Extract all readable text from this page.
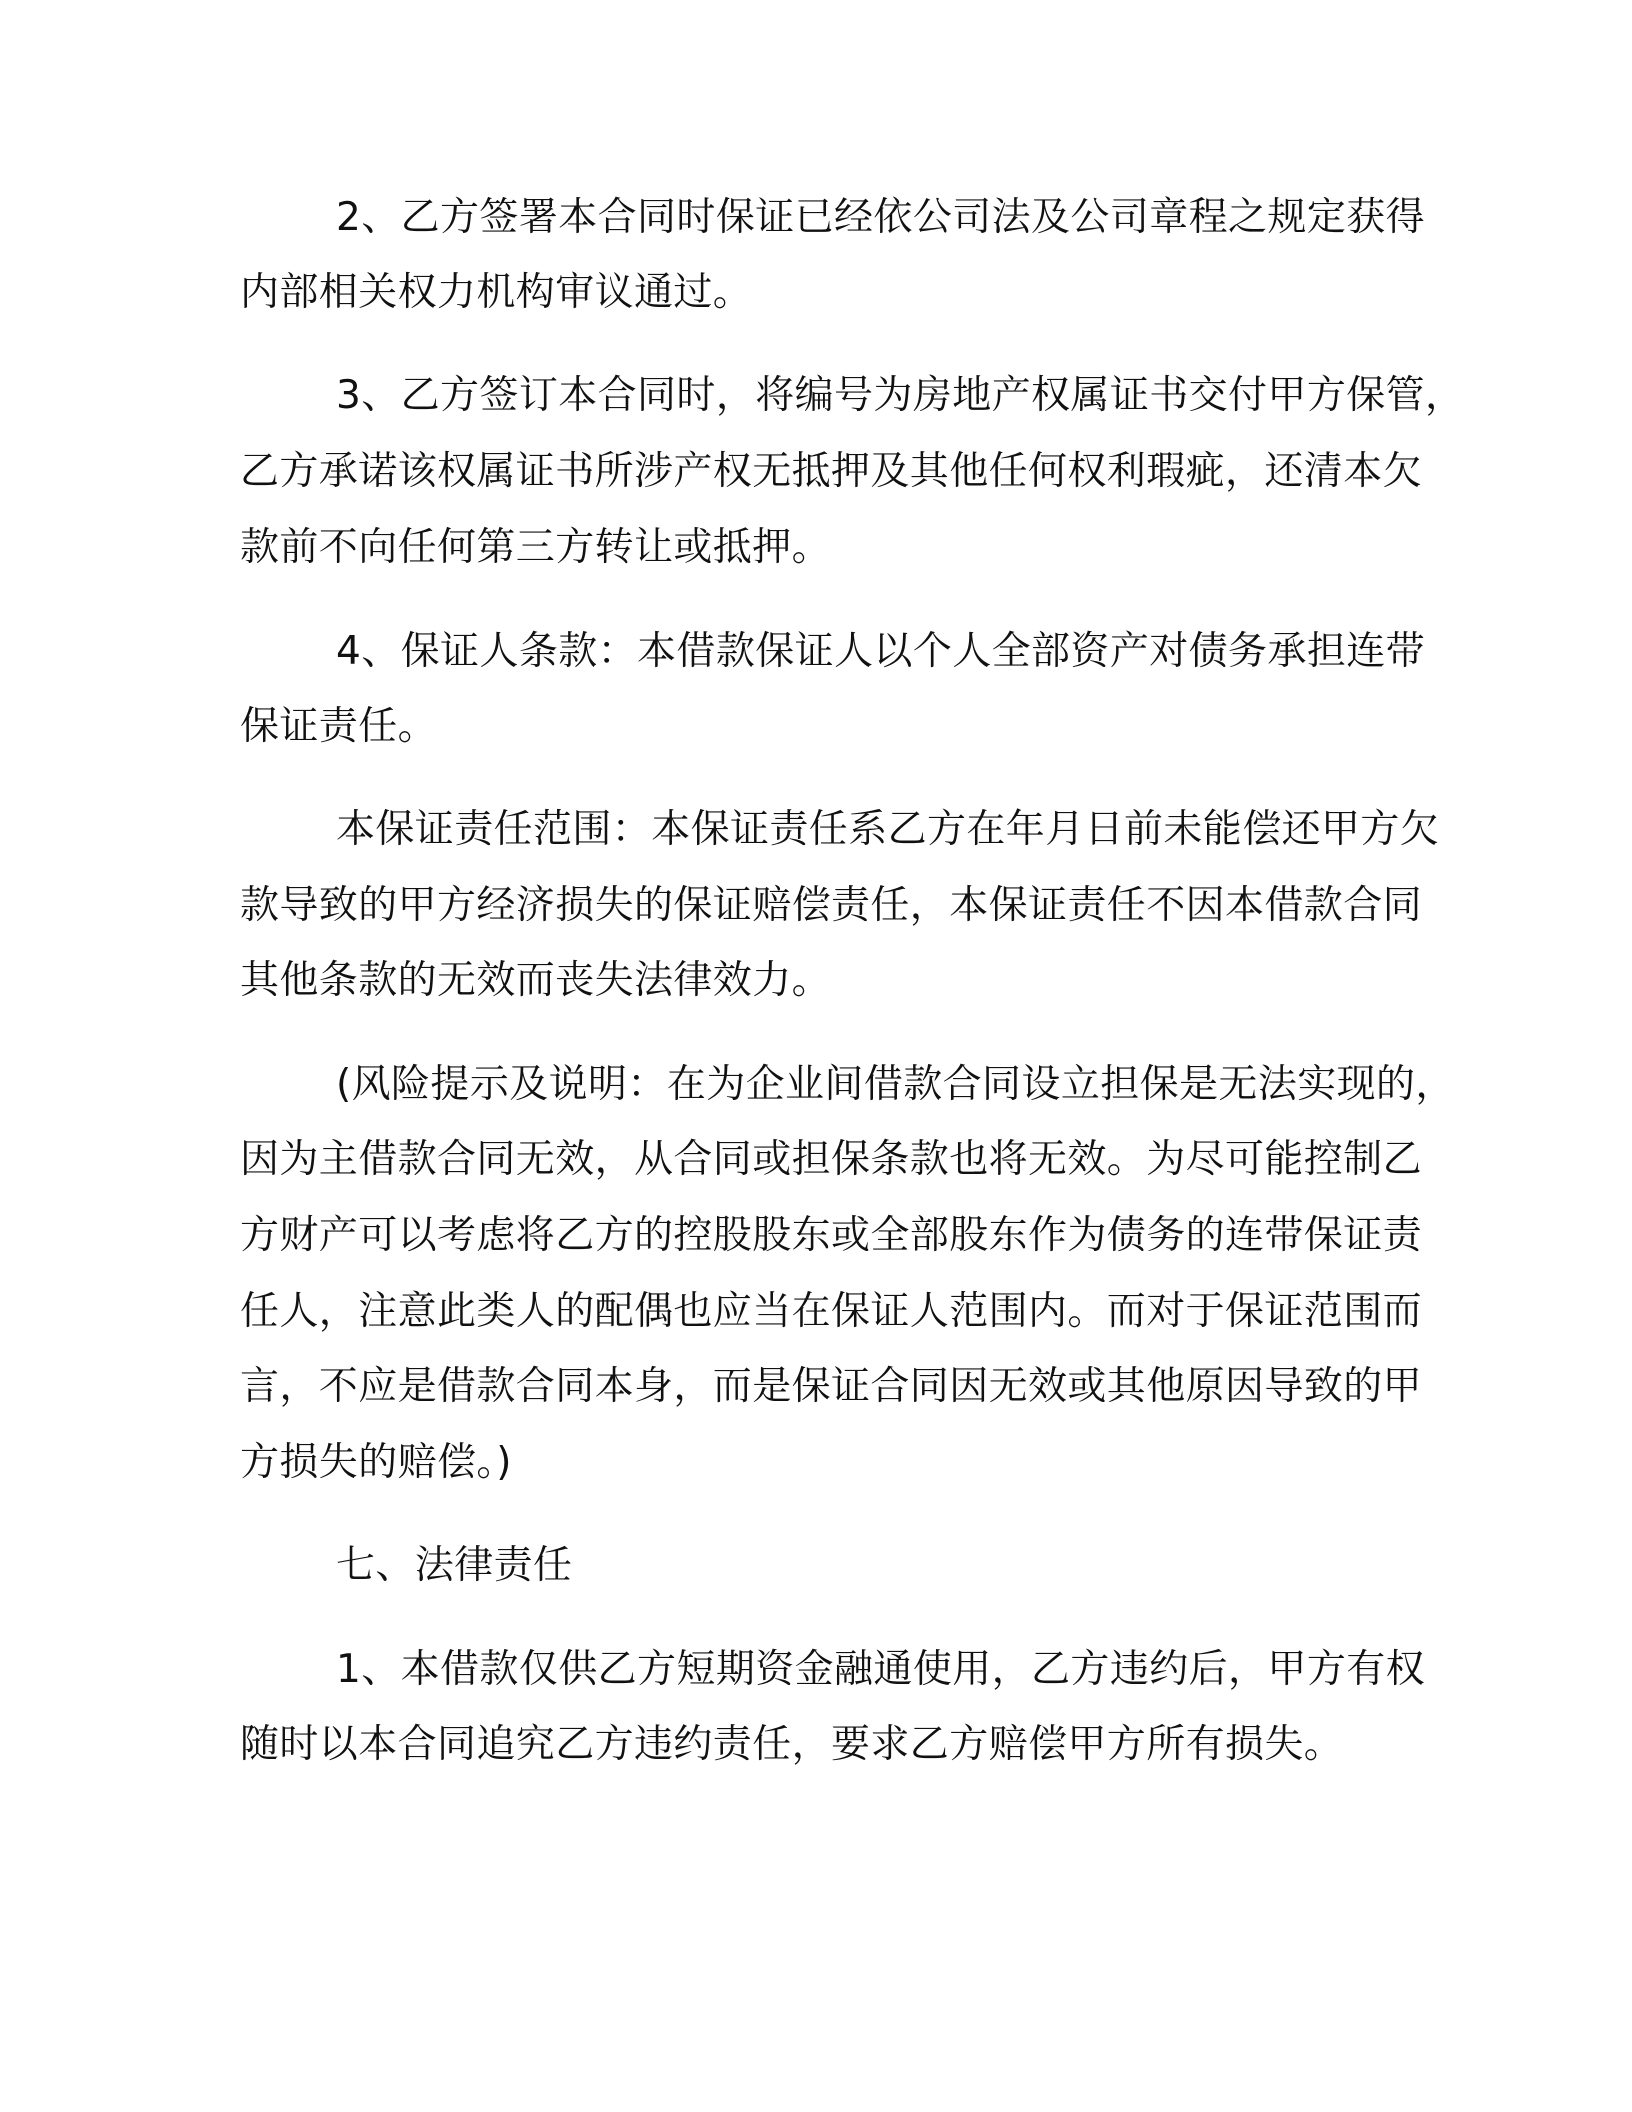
2、乙方签署本合同时保证已经依公司法及公司章程之规定获得

内部相关权力机构审议通过。

3、乙方签订本合同时，将编号为房地产权属证书交付甲方保管，

乙方承诺该权属证书所涉产权无抵押及其他任何权利瑕疵，还清本欠

款前不向任何第三方转让或抵押。

4、保证人条款：本借款保证人以个人全部资产对债务承担连带

保证责任。

本保证责任范围：本保证责任系乙方在年月日前未能偿还甲方欠

款导致的甲方经济损失的保证赔偿责任，本保证责任不因本借款合同

其他条款的无效而丧失法律效力。

(风险提示及说明：在为企业间借款合同设立担保是无法实现的，

因为主借款合同无效，从合同或担保条款也将无效。为尽可能控制乙

方财产可以考虑将乙方的控股股东或全部股东作为债务的连带保证责

任人，注意此类人的配偶也应当在保证人范围内。而对于保证范围而

言，不应是借款合同本身，而是保证合同因无效或其他原因导致的甲

方损失的赔偿。)

七、法律责任

1、本借款仅供乙方短期资金融通使用，乙方违约后，甲方有权

随时以本合同追究乙方违约责任，要求乙方赔偿甲方所有损失。
